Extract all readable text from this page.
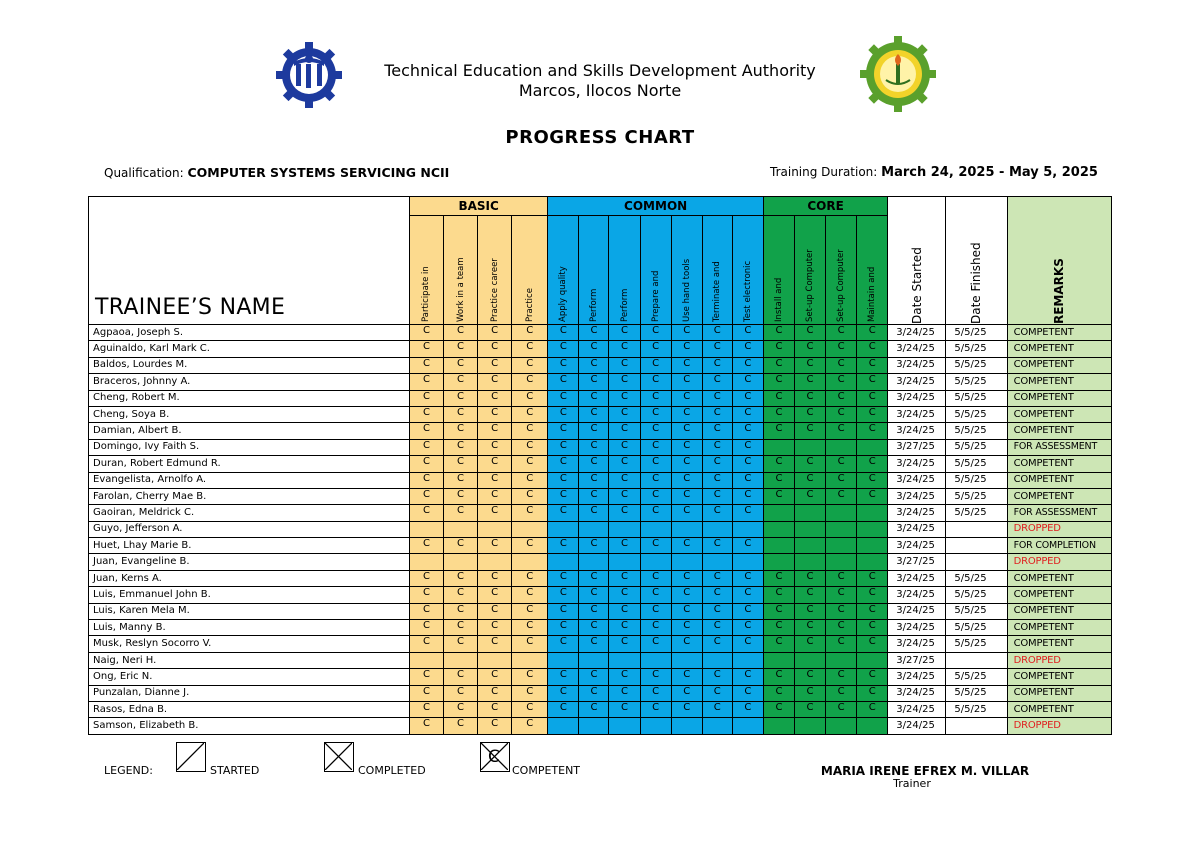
Technical Education and Skills Development Authority
Marcos, Ilocos Norte
PROGRESS CHART
Qualification: COMPUTER SYSTEMS SERVICING NCII	Training Duration: March 24, 2025 - May 5, 2025
TRAINEE’S NAME	BASIC				COMMON							CORE				Date Started	Date Finished	REMARKS

	Participate in	Work in a team	Practice career	Practice	Apply quality	Perform	Perform	Prepare and	Use hand tools	Terminate and	Test electronic	Install and	Set-up Computer	Set-up Computer	Maintain and			

Agpaoa, Joseph S.	C	C	C	C	C	C	C	C	C	C	C	C	C	C	C	3/24/25	5/5/25	COMPETENT
Aguinaldo, Karl Mark C.	C	C	C	C	C	C	C	C	C	C	C	C	C	C	C	3/24/25	5/5/25	COMPETENT
Baldos, Lourdes M.	C	C	C	C	C	C	C	C	C	C	C	C	C	C	C	3/24/25	5/5/25	COMPETENT
Braceros, Johnny A.	C	C	C	C	C	C	C	C	C	C	C	C	C	C	C	3/24/25	5/5/25	COMPETENT
Cheng, Robert M.	C	C	C	C	C	C	C	C	C	C	C	C	C	C	C	3/24/25	5/5/25	COMPETENT
Cheng, Soya B.	C	C	C	C	C	C	C	C	C	C	C	C	C	C	C	3/24/25	5/5/25	COMPETENT
Damian, Albert B.	C	C	C	C	C	C	C	C	C	C	C	C	C	C	C	3/24/25	5/5/25	COMPETENT
Domingo, Ivy Faith S.	C	C	C	C	C	C	C	C	C	C	C					3/27/25	5/5/25	FOR ASSESSMENT
Duran, Robert Edmund R.	C	C	C	C	C	C	C	C	C	C	C	C	C	C	C	3/24/25	5/5/25	COMPETENT
Evangelista, Arnolfo A.	C	C	C	C	C	C	C	C	C	C	C	C	C	C	C	3/24/25	5/5/25	COMPETENT
Farolan, Cherry Mae B.	C	C	C	C	C	C	C	C	C	C	C	C	C	C	C	3/24/25	5/5/25	COMPETENT
Gaoiran, Meldrick C.	C	C	C	C	C	C	C	C	C	C	C					3/24/25	5/5/25	FOR ASSESSMENT
Guyo, Jefferson A.																3/24/25		DROPPED
Huet, Lhay Marie B.	C	C	C	C	C	C	C	C	C	C	C					3/24/25		FOR COMPLETION
Juan, Evangeline B.																3/27/25		DROPPED
Juan, Kerns A.	C	C	C	C	C	C	C	C	C	C	C	C	C	C	C	3/24/25	5/5/25	COMPETENT
Luis, Emmanuel John B.	C	C	C	C	C	C	C	C	C	C	C	C	C	C	C	3/24/25	5/5/25	COMPETENT
Luis, Karen Mela M.	C	C	C	C	C	C	C	C	C	C	C	C	C	C	C	3/24/25	5/5/25	COMPETENT
Luis, Manny B.	C	C	C	C	C	C	C	C	C	C	C	C	C	C	C	3/24/25	5/5/25	COMPETENT
Musk, Reslyn Socorro V.	C	C	C	C	C	C	C	C	C	C	C	C	C	C	C	3/24/25	5/5/25	COMPETENT
Naig, Neri H.																3/27/25		DROPPED
Ong, Eric N.	C	C	C	C	C	C	C	C	C	C	C	C	C	C	C	3/24/25	5/5/25	COMPETENT
Punzalan, Dianne J.	C	C	C	C	C	C	C	C	C	C	C	C	C	C	C	3/24/25	5/5/25	COMPETENT
Rasos, Edna B.	C	C	C	C	C	C	C	C	C	C	C	C	C	C	C	3/24/25	5/5/25	COMPETENT
Samson, Elizabeth B.	C	C	C	C												3/24/25		DROPPED
LEGEND:	STARTED	COMPLETED
C
COMPETENT	MARIA IRENE EFREX M. VILLAR
Trainer
